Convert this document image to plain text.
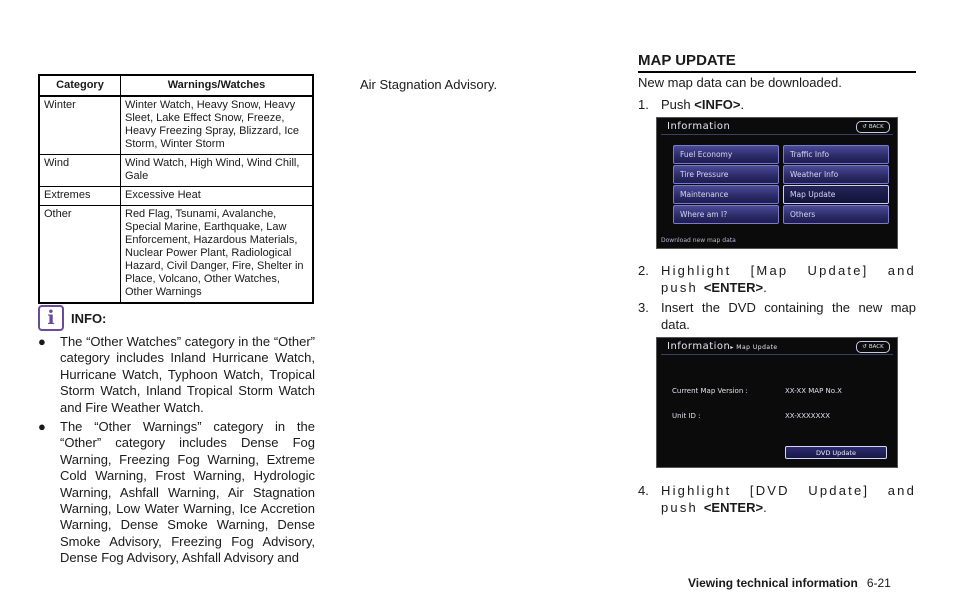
Category	Warnings/Watches
Winter	Winter Watch, Heavy Snow, Heavy Sleet, Lake Effect Snow, Freeze, Heavy Freezing Spray, Blizzard, Ice Storm, Winter Storm
Wind	Wind Watch, High Wind, Wind Chill, Gale
Extremes	Excessive Heat
Other	Red Flag, Tsunami, Avalanche, Special Marine, Earthquake, Law Enforcement, Hazardous Materials, Nuclear Power Plant, Radiological Hazard, Civil Danger, Fire, Shelter in Place, Volcano, Other Watches, Other Warnings
i INFO:
● The “Other Watches” category in the “Other” category includes Inland Hurricane Watch, Hurricane Watch, Typhoon Watch, Tropical Storm Watch, Inland Tropical Storm Watch and Fire Weather Watch.
● The “Other Warnings” category in the “Other” category includes Dense Fog Warning, Freezing Fog Warning, Extreme Cold Warning, Frost Warning, Hydrologic Warning, Ashfall Warning, Air Stagnation Warning, Low Water Warning, Ice Accretion Warning, Dense Smoke Warning, Dense Smoke Advisory, Freezing Fog Advisory, Dense Fog Advisory, Ashfall Advisory and
Air Stagnation Advisory.
MAP UPDATE
New map data can be downloaded.
1. Push <INFO>.
Information	↺ BACK
Fuel Economy	Traffic Info
Tire Pressure	Weather Info
Maintenance	Map Update
Where am I?	Others
Download new map data
2. Highlight [Map Update] and push <ENTER>.
3. Insert the DVD containing the new map data.
Information▸ Map Update	↺ BACK
Current Map Version :	XX-XX MAP No.X
Unit ID :	XX-XXXXXXX
DVD Update
4. Highlight [DVD Update] and push <ENTER>.
Viewing technical information 6-21
